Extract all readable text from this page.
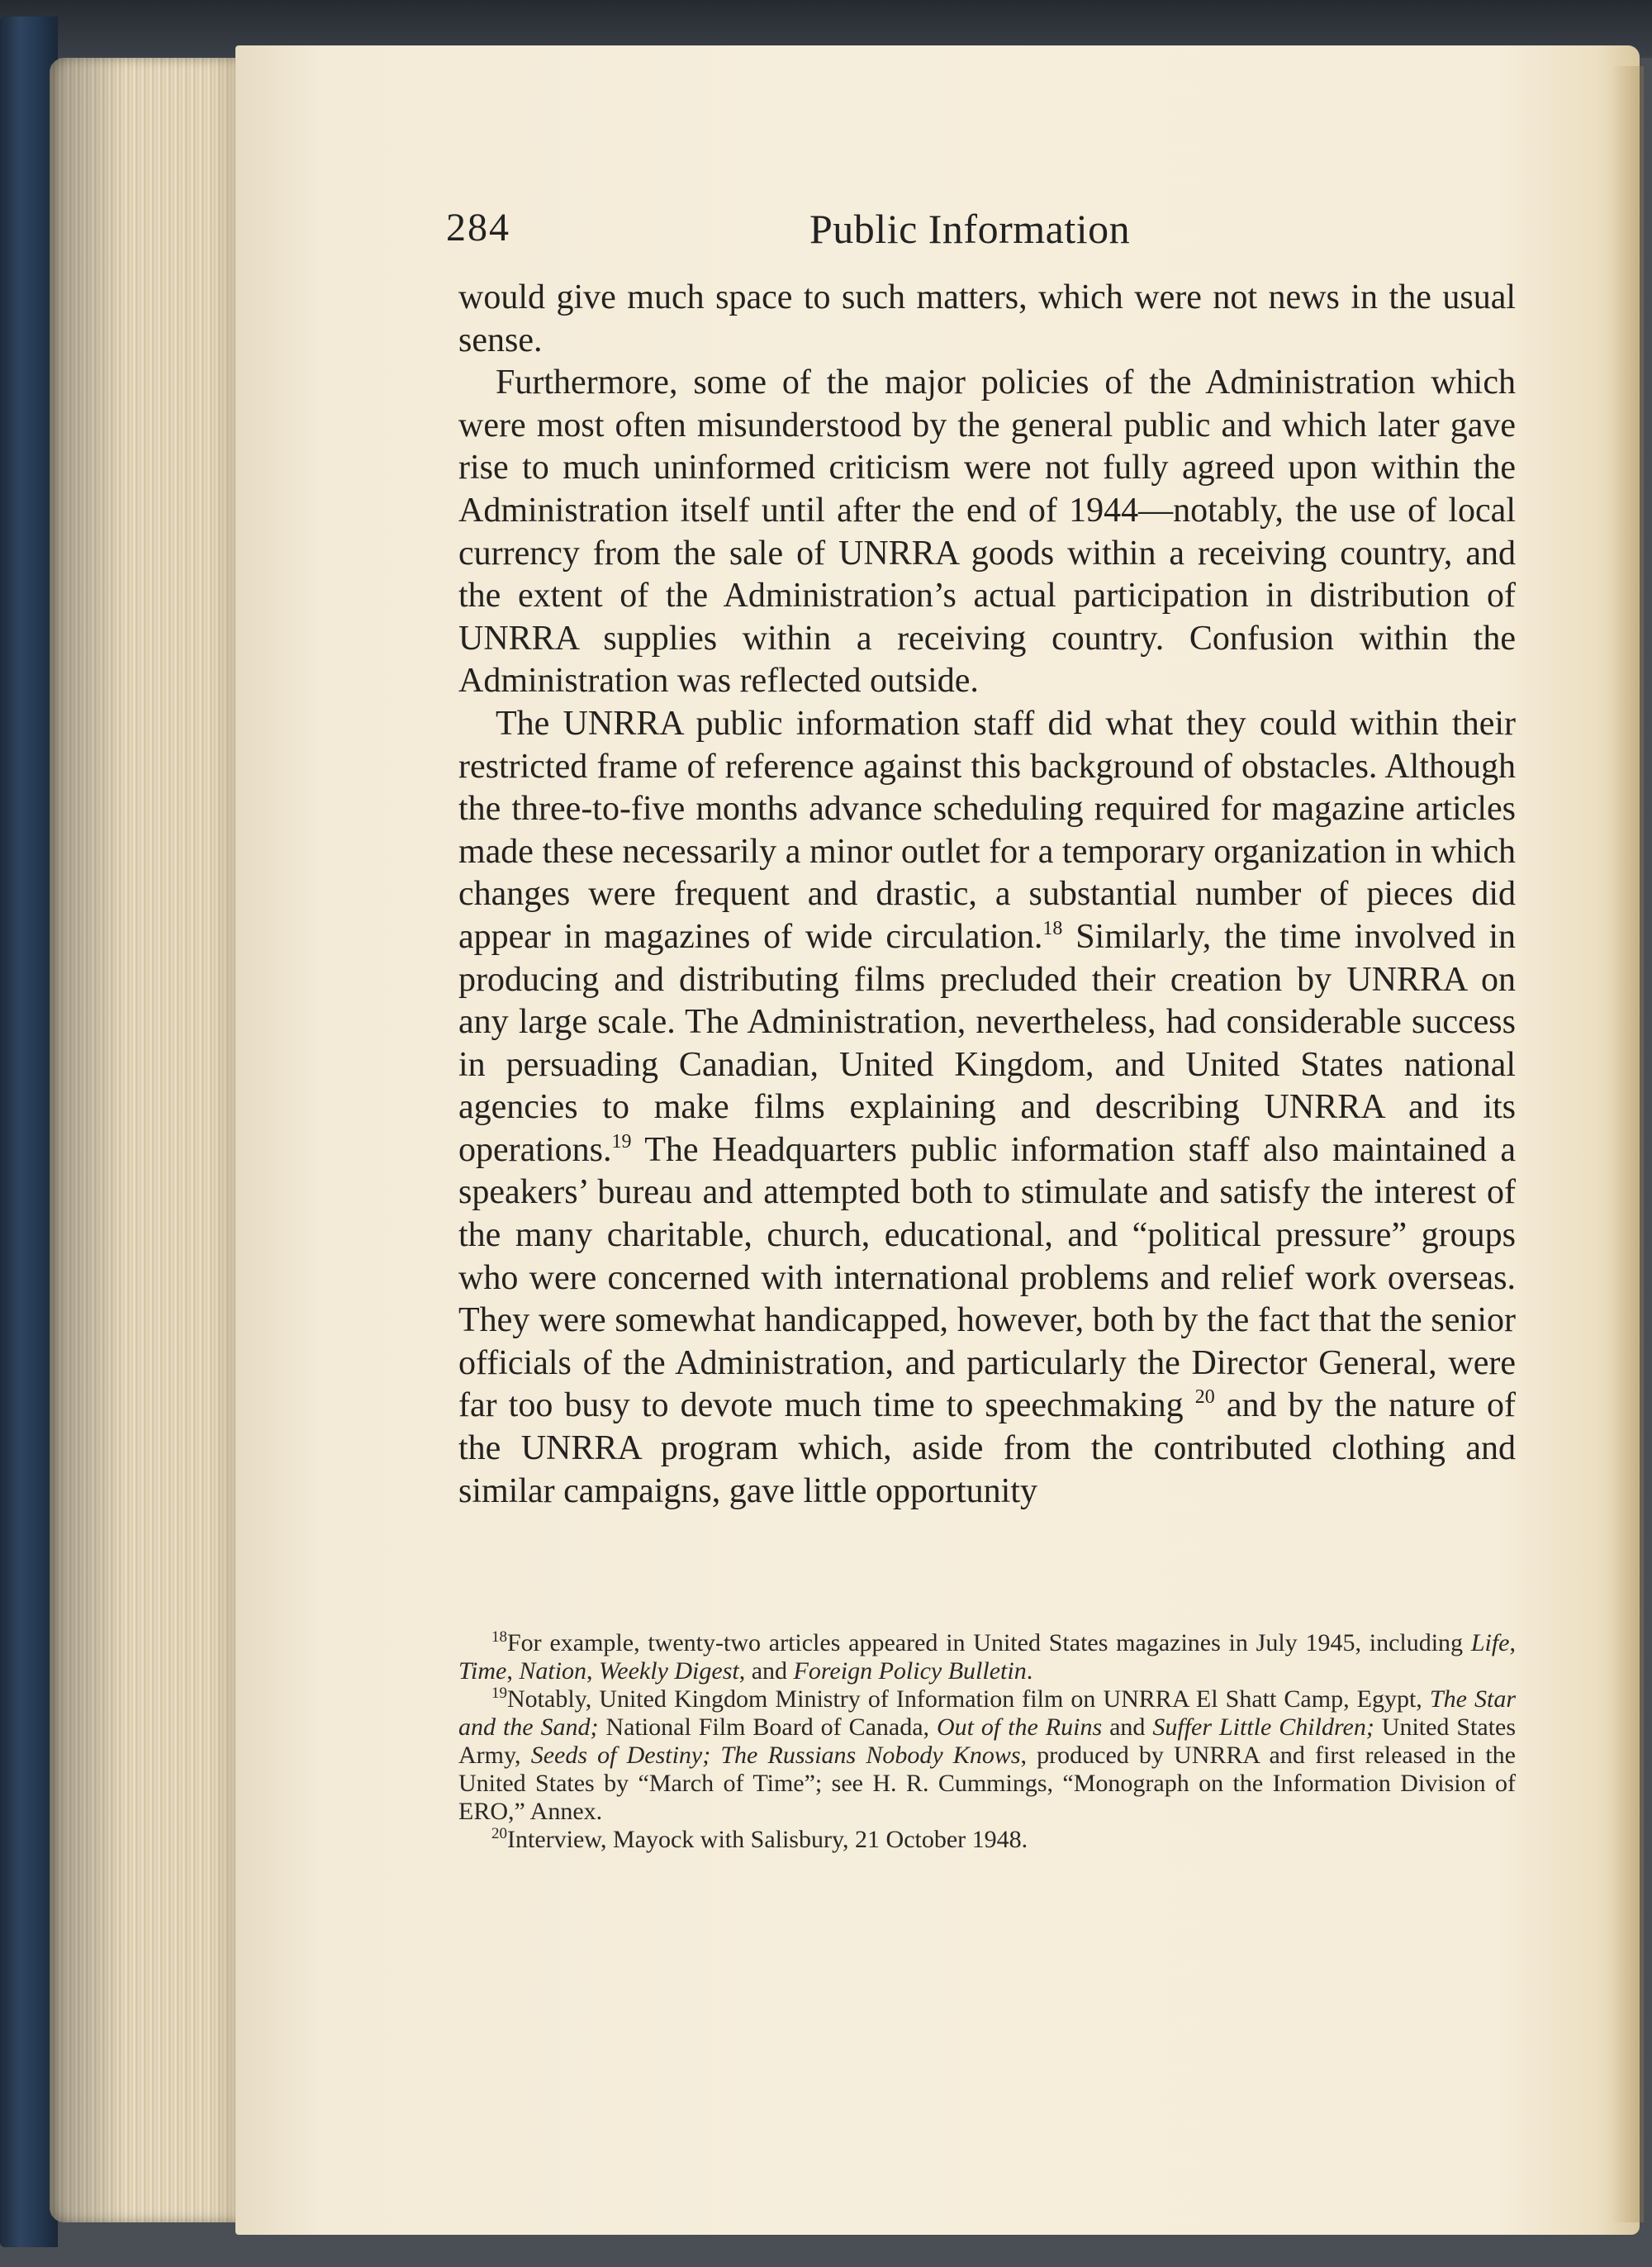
284	Public Information

would give much space to such matters, which were not news in the usual sense.

Furthermore, some of the major policies of the Administration which were most often misunderstood by the general public and which later gave rise to much uninformed criticism were not fully agreed upon within the Administration itself until after the end of 1944—notably, the use of local currency from the sale of UNRRA goods within a receiving country, and the extent of the Administration’s actual participation in distribution of UNRRA supplies within a receiving country. Confusion within the Administration was reflected outside.

The UNRRA public information staff did what they could within their restricted frame of reference against this background of obstacles. Although the three-to-five months advance scheduling required for magazine articles made these necessarily a minor outlet for a temporary organization in which changes were frequent and drastic, a substantial number of pieces did appear in magazines of wide circulation.$^{18}$ Similarly, the time involved in producing and distributing films precluded their creation by UNRRA on any large scale. The Administration, nevertheless, had considerable success in persuading Canadian, United Kingdom, and United States national agencies to make films explaining and describing UNRRA and its operations.$^{19}$ The Headquarters public information staff also maintained a speakers’ bureau and attempted both to stimulate and satisfy the interest of the many charitable, church, educational, and “political pressure” groups who were concerned with international problems and relief work overseas. They were somewhat handicapped, however, both by the fact that the senior officials of the Administration, and particularly the Director General, were far too busy to devote much time to speechmaking $^{20}$ and by the nature of the UNRRA program which, aside from the contributed clothing and similar campaigns, gave little opportunity

$^{18}$For example, twenty-two articles appeared in United States magazines in July 1945, including Life, Time, Nation, Weekly Digest, and Foreign Policy Bulletin.

$^{19}$Notably, United Kingdom Ministry of Information film on UNRRA El Shatt Camp, Egypt, The Star and the Sand; National Film Board of Canada, Out of the Ruins and Suffer Little Children; United States Army, Seeds of Destiny; The Russians Nobody Knows, produced by UNRRA and first released in the United States by “March of Time”; see H. R. Cummings, “Monograph on the Information Division of ERO,” Annex.

$^{20}$Interview, Mayock with Salisbury, 21 October 1948.
